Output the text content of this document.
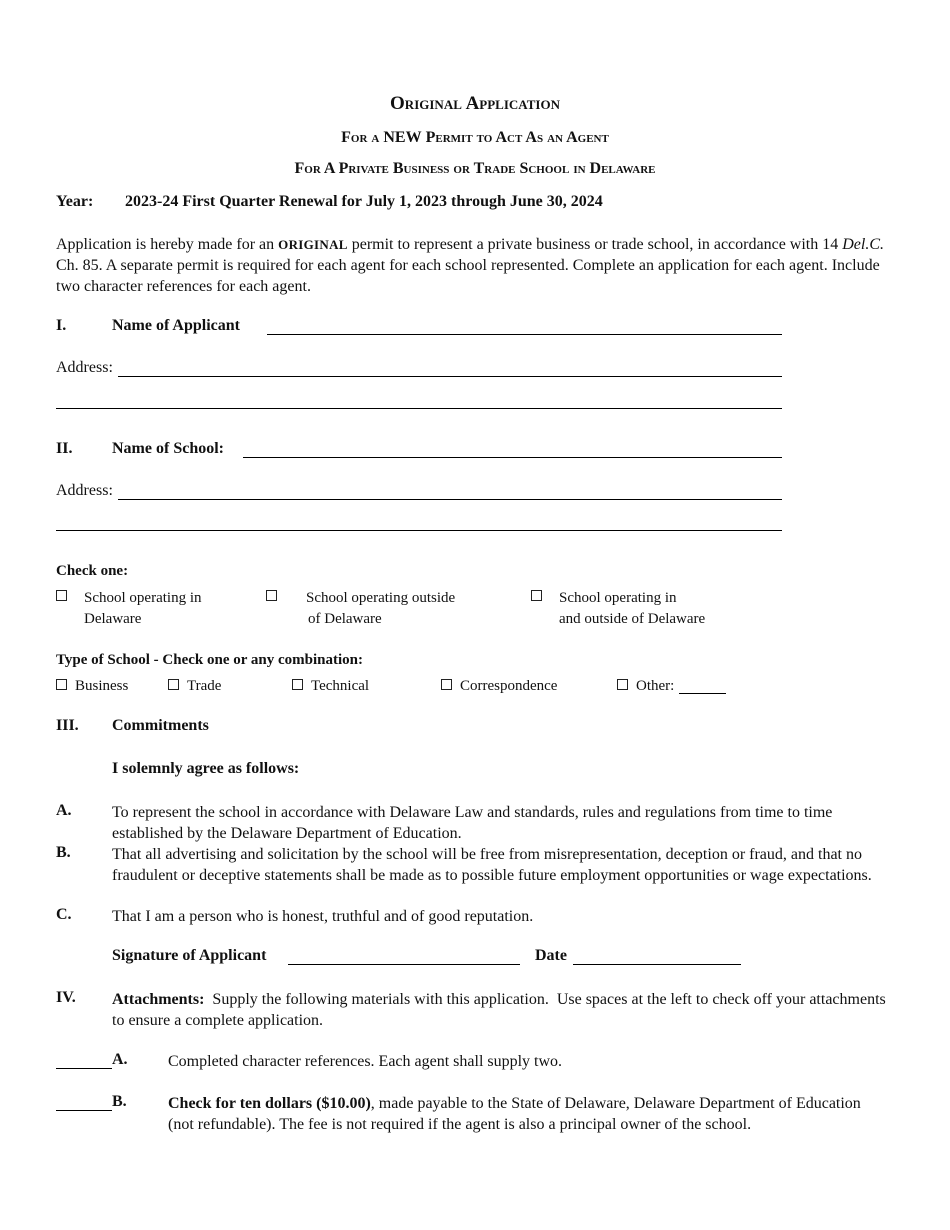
Original Application
For a NEW Permit to Act As an Agent
For A Private Business or Trade School in Delaware
Year: 2023-24 First Quarter Renewal for July 1, 2023 through June 30, 2024
Application is hereby made for an ORIGINAL permit to represent a private business or trade school, in accordance with 14 Del.C. Ch. 85. A separate permit is required for each agent for each school represented. Complete an application for each agent. Include two character references for each agent.
I.	Name of Applicant
Address:
II. Name of School:
Address:
Check one:
School operating in
Delaware
School operating outside
of Delaware
School operating in
and outside of Delaware
Type of School - Check one or any combination:
Business	Trade	Technical	Correspondence	Other:
III. Commitments
I solemnly agree as follows:
A.	To represent the school in accordance with Delaware Law and standards, rules and regulations from time to time established by the Delaware Department of Education.
B.	That all advertising and solicitation by the school will be free from misrepresentation, deception or fraud, and that no fraudulent or deceptive statements shall be made as to possible future employment opportunities or wage expectations.
C.	That I am a person who is honest, truthful and of good reputation.
Signature of Applicant	Date
IV. Attachments:  Supply the following materials with this application.  Use spaces at the left to check off your attachments to ensure a complete application.
A.	Completed character references. Each agent shall supply two.
B.	Check for ten dollars ($10.00), made payable to the State of Delaware, Delaware Department of Education (not refundable). The fee is not required if the agent is also a principal owner of the school.
